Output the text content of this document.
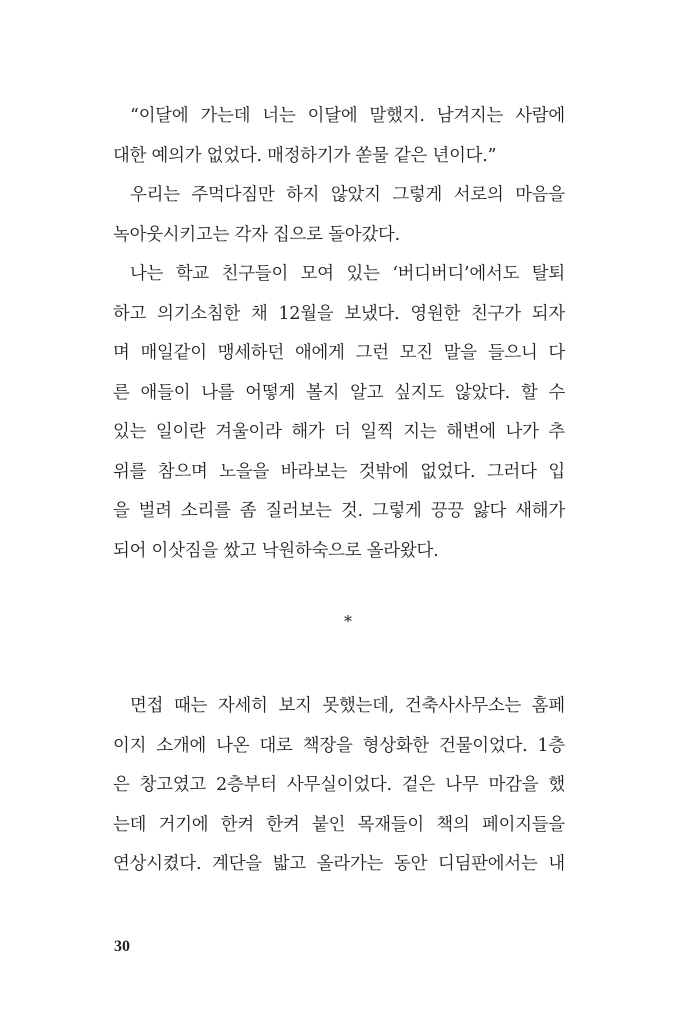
“이달에 가는데 너는 이달에 말했지. 남겨지는 사람에
대한 예의가 없었다. 매정하기가 쏟물 같은 년이다.”
우리는 주먹다짐만 하지 않았지 그렇게 서로의 마음을
녹아웃시키고는 각자 집으로 돌아갔다.
나는 학교 친구들이 모여 있는 ‘버디버디’에서도 탈퇴
하고 의기소침한 채 12월을 보냈다. 영원한 친구가 되자
며 매일같이 맹세하던 애에게 그런 모진 말을 들으니 다
른 애들이 나를 어떻게 볼지 알고 싶지도 않았다. 할 수
있는 일이란 겨울이라 해가 더 일찍 지는 해변에 나가 추
위를 참으며 노을을 바라보는 것밖에 없었다. 그러다 입
을 벌려 소리를 좀 질러보는 것. 그렇게 끙끙 앓다 새해가
되어 이삿짐을 쌌고 낙원하숙으로 올라왔다.
*
면접 때는 자세히 보지 못했는데, 건축사사무소는 홈페
이지 소개에 나온 대로 책장을 형상화한 건물이었다. 1층
은 창고였고 2층부터 사무실이었다. 겉은 나무 마감을 했
는데 거기에 한켜 한켜 붙인 목재들이 책의 페이지들을
연상시켰다. 계단을 밟고 올라가는 동안 디딤판에서는 내
30
